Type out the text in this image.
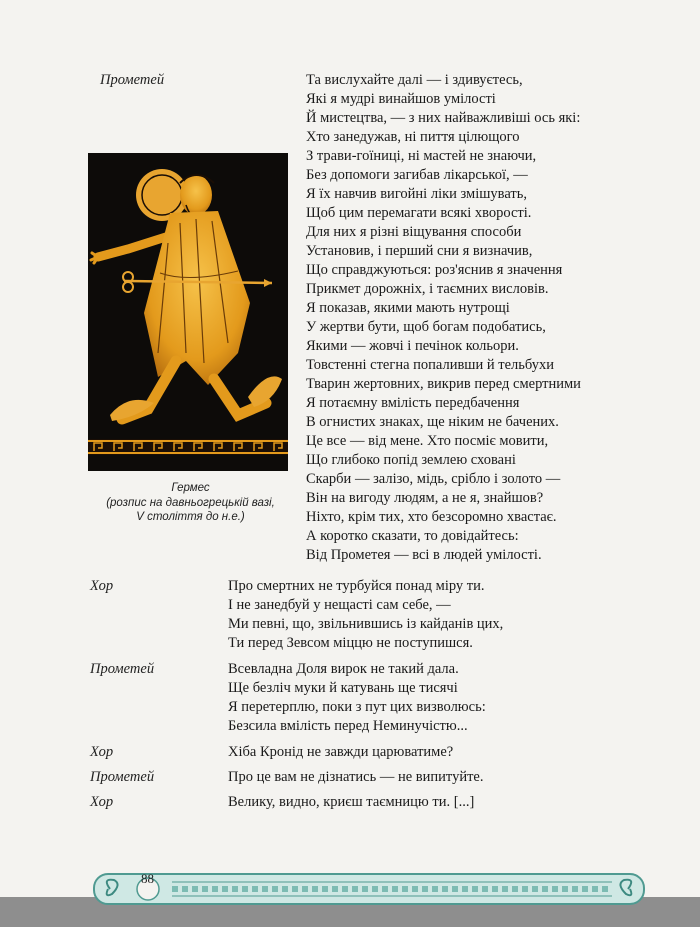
Прометей	Та вислухайте далі — і здивуєтесь,
Які я мудрі винайшов умілості
Й мистецтва, — з них найважливіші ось які:
Хто занедужав, ні пиття цілющого
З трави-гоїниці, ні мастей не знаючи,
Без допомоги загибав лікарської, —
Я їх навчив вигойні ліки змішувать,
Щоб цим перемагати всякі хворості.
Для них я різні віщування способи
Установив, і перший сни я визначив,
Що справджуються: роз'яснив я значення
Прикмет дорожніх, і таємних висловів.
Я показав, якими мають нутрощі
У жертви бути, щоб богам подобатись,
Якими — жовчі і печінок кольори.
Товстенні стегна попаливши й тельбухи
Тварин жертовних, викрив перед смертними
Я потаємну вмілість передбачення
В огнистих знаках, ще ніким не бачених.
Це все — від мене. Хто посміє мовити,
Що глибоко попід землею сховані
Скарби — залізо, мідь, срібло і золото —
Він на вигоду людям, а не я, знайшов?
Ніхто, крім тих, хто безсоромно хвастає.
А коротко сказати, то довідайтесь:
Від Прометея — всі в людей умілості.
Гермес
(розпис на давньогрецькій вазі,
V століття до н.е.)
Хор	Про смертних не турбуйся понад міру ти.
І не занедбуй у нещасті сам себе, —
Ми певні, що, звільнившись із кайданів цих,
Ти перед Зевсом міццю не поступишся.
Прометей	Всевладна Доля вирок не такий дала.
Ще безліч муки й катувань ще тисячі
Я перетерплю, поки з пут цих визволюсь:
Безсила вмілість перед Неминучістю...
Хор	Хіба Кронід не завжди царюватиме?
Прометей	Про це вам не дізнатись — не випитуйте.
Хор	Велику, видно, криєш таємницю ти. [...]
88
